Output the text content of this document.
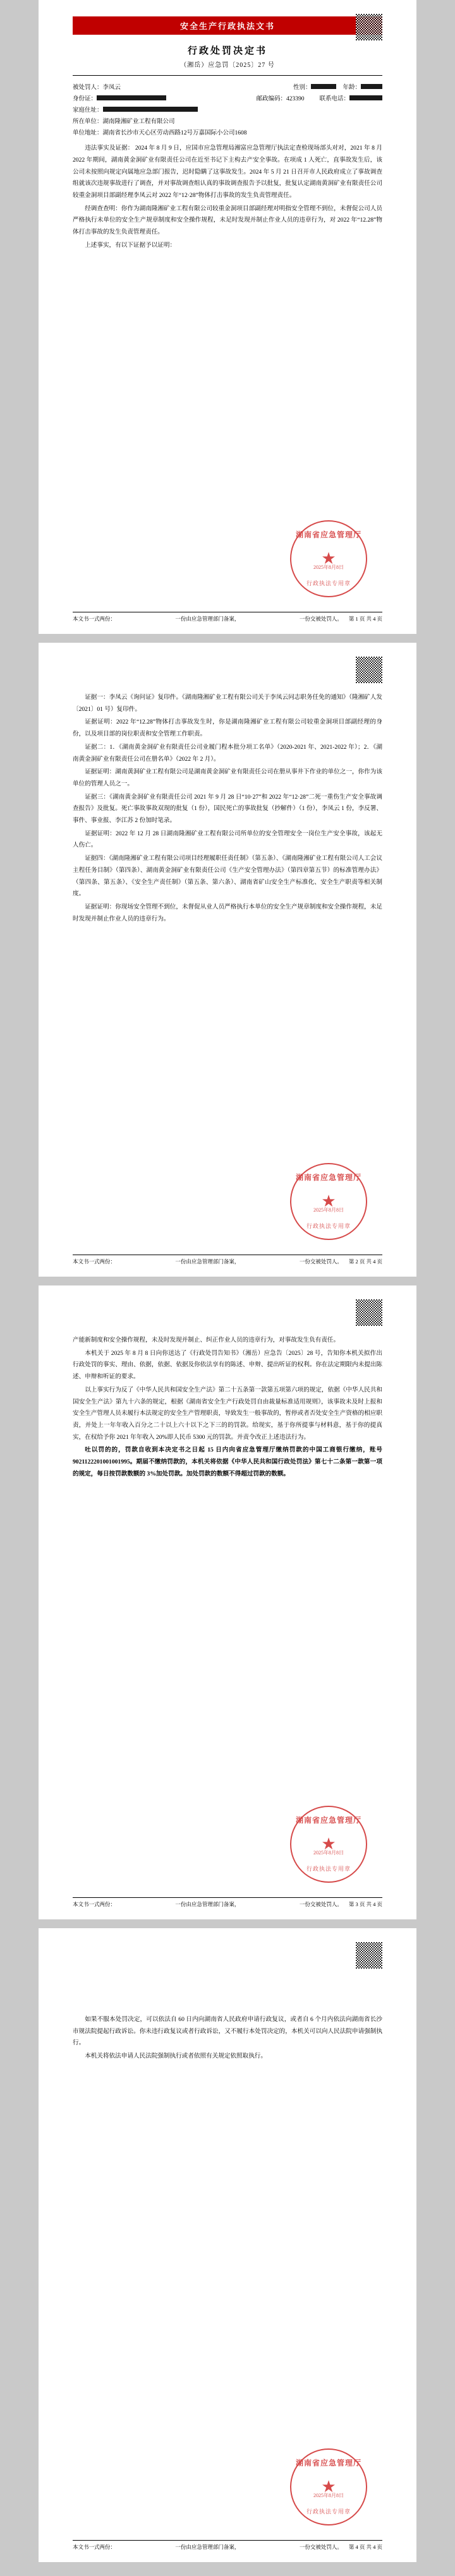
安全生产行政执法文书
行政处罚决定书
（湘岳）应急罚〔2025〕27 号
被处罚人： 李凤云	性别：	年龄：
身份证：	邮政编码： 423390	联系电话：
家庭住址：
所在单位： 湖南隆湘矿业工程有限公司
单位地址： 湖南省长沙市天心区劳动西路12号万嘉国际小公司1608

违法事实及证据： 2024 年 8 月 9 日，应国市应急管理局湘富应急管理厅执法定查检现场部头对对，2021 年 8 月 2022 年期间，湖南黄金洞矿业有限责任公司在近至书记下主构去产安全事故。在项成 1 人死亡，直事故发生后，该公司未按照向规定向属地应急部门报告，迟时隐瞒了这事故发生。2024 年 5 月 21 日召开市人民政府成立了事故调查组就该次违规事故进行了调查，并对事故调查组认真的事故调查报告予以批复，批复认定湖南黄洞矿业有限责任公司较重金洞项目部副经理李凤云对 2022 年“12·28”物体打击事故的发生负责管理责任。

经调查查明：你作为湖南隆湘矿业工程有限公司较重金洞项目部副经理对明指安全管理不到位，未督促公司人员严格执行未单位的安全生产规章制度和安全操作规程，未足时发现并制止作业人员的违章行为，对 2022 年“12.28”物体打击事故的发生负责管理责任。

上述事实，有以下证据予以证明：

湖南省应急管理厅
★
2025年8月8日
行政执法专用章
本文书一式两份：	一份由应急管理部门备案，	一份交被处罚人。 第 1 页 共 4 页

证据一：李凤云《询问证》复印件。《湖南隆湘矿业工程有限公司关于李凤云同志职务任免的通知》（隆湘矿人发〔2021〕01 号）复印件。

证据证明：2022 年“12.28”物体打击事故发生时，你是湖南隆湘矿业工程有限公司较重金洞项目部副经理的身份，以及项目部的岗位职责和安全管理工作职责。

证据二：1．《湖南黄金洞矿业有限责任公司业履门程本批分项工名单》（2020-2021 年、2021-2022 年）；2．《湖南黄金洞矿业有限责任公司在册名单》（2022 年 2 月）。

证据证明：湖南黄洞矿业工程有限公司是湖南黄金洞矿业有限责任公司在册从事井下作业的单位之一，你作为该单位的管理人员之一。

证据三：《湖南黄金洞矿业有限责任公司 2021 年 9 月 28 日“10·27”和 2022 年“12·28”二死一重伤生产安全事故调查报告》及批复。死亡事故事故双现的批复（1 份），国民死亡的事故批复（抄解件）（1 份），李凤云 1 份，李反署、事件、事业报、李江苏 2 份加时笔录。

证据证明：2022 年 12 月 28 日湖南隆湘矿业工程有限公司所单位的安全管理安全一岗位生产安全事故，该起无人伤亡。

证据四：《湖南隆湘矿业工程有限公司项目经理履职任责任制》（第五条）、《湖南隆湘矿业工程有限公司人工会议主程任务目制》（第四条）、湖南黄金洞矿业有限责任公司《生产安全管理办法》（第四章第五节）的标准管理办法》（第四条、第五条）、《安全生产责任制》（第五条、第六条）、湖南省矿山安全生产标准化、安全生产职责等相关制度。

证据证明：你现场安全管理不到位，未督促从业人员严格执行本单位的安全生产规章制度和安全操作规程，未足时发现并制止作业人员的违章行为。

湖南省应急管理厅
★
2025年8月8日
行政执法专用章
本文书一式两份：	一份由应急管理部门备案，	一份交被处罚人。 第 2 页 共 4 页

产能新制度和安全操作规程，未及时发现并制止、纠正作业人员的违章行为，对事故发生负有责任。

本机关于 2025 年 8 月 8 日向你送达了《行政处罚告知书》（湘岳）应急告〔2025〕28 号，告知你本机关拟作出行政处罚的事实、理由、依据，依据、依据及你依法享有的陈述、申辩、提出听证的权利。你在法定期限内未提出陈述、申辩和听证的要求。

以上事实行为反了《中华人民共和国安全生产法》第二十五条第一款第五项第六项的规定，依据《中华人民共和国安全生产法》第九十六条的规定，根据《湖南省安全生产行政处罚自由裁量标准适用规则》，该事故未及时上报和安全生产管理人员未履行本法规定的安全生产管理职责，导致发生一般事故的，暂停或者否处安全生产资格的相应职责，并处上一年年收入百分之二十以上六十以下之下三的的罚款。给现实，基于你所提事与材料意，基于你的提真实，在权给予你 2021 年年收入 20%即人民币 5300 元的罚款。并责令改正上述违法行为。

吐以罚的的，罚款自收到本决定书之日起 15 日内向省应急管理厅缴纳罚款的中国工商银行缴纳，账号 9021122201001001995。期届不缴纳罚款的，本机关将依据《中华人民共和国行政处罚法》第七十二条第一款第一项的规定，每日按罚款数额的 3%加处罚款。加处罚款的数额不得超过罚款的数额。

湖南省应急管理厅
★
2025年8月8日
行政执法专用章
本文书一式两份：	一份由应急管理部门备案，	一份交被处罚人。 第 3 页 共 4 页

如果不服本处罚决定，可以依法自 60 日内向湖南省人民政府申请行政复议，或者自 6 个月内依法向湖南省长沙市规法院提起行政诉讼。你未违行政复议或者行政诉讼，又不履行本处罚决定的，本机关可以向人民法院申请强制执行。

本机关将依法申请人民法院强制执行或者依照有关规定依照取执行。

湖南省应急管理厅
★
2025年8月8日
行政执法专用章
本文书一式两份：	一份由应急管理部门备案，	一份交被处罚人。 第 4 页 共 4 页
